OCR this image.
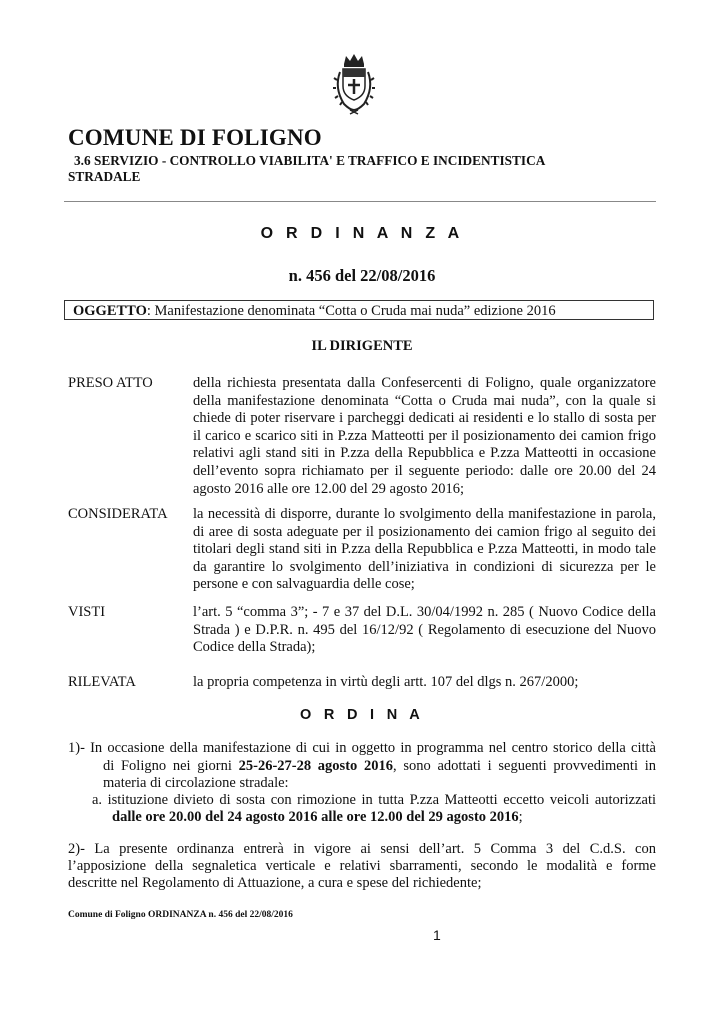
COMUNE DI FOLIGNO
3.6 SERVIZIO - CONTROLLO VIABILITA' E TRAFFICO E INCIDENTISTICA
STRADALE
O R D I N A N Z A
n. 456 del 22/08/2016
OGGETTO: Manifestazione denominata “Cotta o Cruda mai nuda” edizione 2016
IL DIRIGENTE
PRESO ATTO	della richiesta presentata dalla Confesercenti di Foligno, quale organizzatore
della manifestazione denominata “Cotta o Cruda mai nuda”, con la quale si
chiede di poter riservare i parcheggi dedicati ai residenti e lo stallo di sosta per
il carico e scarico siti in P.zza Matteotti per il posizionamento dei camion frigo
relativi agli stand siti in P.zza della Repubblica e P.zza Matteotti in occasione
dell’evento sopra richiamato per il seguente periodo: dalle ore 20.00 del 24
agosto 2016 alle ore 12.00 del 29 agosto 2016;
CONSIDERATA la necessità di disporre, durante lo svolgimento della manifestazione in parola,
di aree di sosta adeguate per il posizionamento dei camion frigo al seguito dei
titolari degli stand siti in P.zza della Repubblica e P.zza Matteotti, in modo tale
da garantire lo svolgimento dell’iniziativa in condizioni di sicurezza per le
persone e con salvaguardia delle cose;
VISTI	l’art. 5 “comma 3”; - 7 e 37 del D.L. 30/04/1992 n. 285 ( Nuovo Codice della
Strada ) e D.P.R. n. 495 del 16/12/92 ( Regolamento di esecuzione del Nuovo
Codice della Strada);
RILEVATA	la propria competenza in virtù degli artt. 107 del dlgs n. 267/2000;
O R D I N A
1)- In occasione della manifestazione di cui in oggetto in programma nel centro storico della città
di Foligno nei giorni 25-26-27-28 agosto 2016, sono adottati i seguenti provvedimenti in
materia di circolazione stradale:
a. istituzione divieto di sosta con rimozione in tutta P.zza Matteotti eccetto veicoli autorizzati
dalle ore 20.00 del 24 agosto 2016 alle ore 12.00 del 29 agosto 2016;
2)- La presente ordinanza entrerà in vigore ai sensi dell’art. 5 Comma 3 del C.d.S. con
l’apposizione della segnaletica verticale e relativi sbarramenti, secondo le modalità e forme
descritte nel Regolamento di Attuazione, a cura e spese del richiedente;
Comune di Foligno ORDINANZA n. 456 del 22/08/2016
1
